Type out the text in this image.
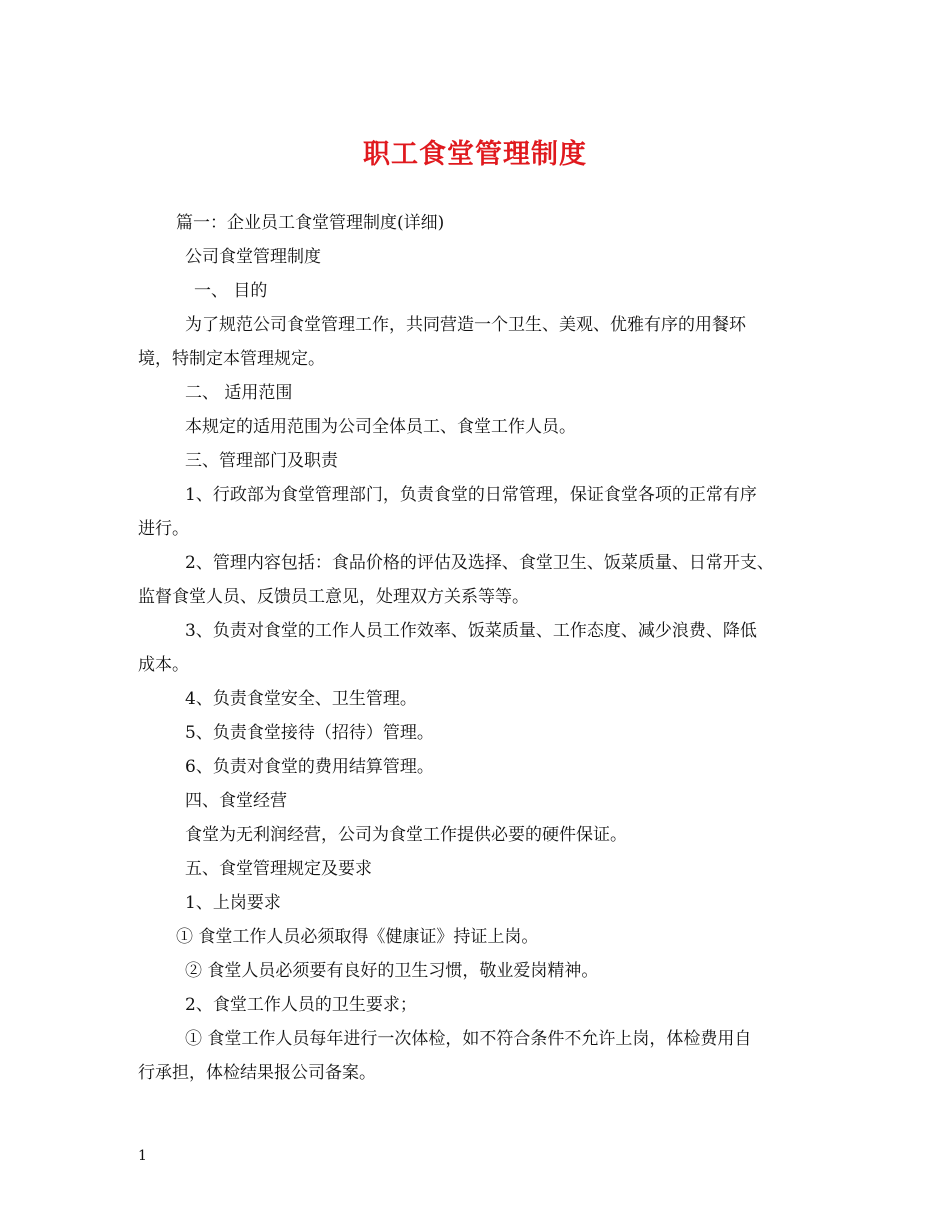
职工食堂管理制度
篇一：企业员工食堂管理制度(详细)
公司食堂管理制度
一、 目的
为了规范公司食堂管理工作，共同营造一个卫生、美观、优雅有序的用餐环
境，特制定本管理规定。
二、 适用范围
本规定的适用范围为公司全体员工、食堂工作人员。
三、管理部门及职责
1、行政部为食堂管理部门，负责食堂的日常管理，保证食堂各项的正常有序
进行。
2、管理内容包括：食品价格的评估及选择、食堂卫生、饭菜质量、日常开支、
监督食堂人员、反馈员工意见，处理双方关系等等。
3、负责对食堂的工作人员工作效率、饭菜质量、工作态度、减少浪费、降低
成本。
4、负责食堂安全、卫生管理。
5、负责食堂接待（招待）管理。
6、负责对食堂的费用结算管理。
四、食堂经营
食堂为无利润经营，公司为食堂工作提供必要的硬件保证。
五、食堂管理规定及要求
1、上岗要求
① 食堂工作人员必须取得《健康证》持证上岗。
② 食堂人员必须要有良好的卫生习惯，敬业爱岗精神。
2、食堂工作人员的卫生要求；
① 食堂工作人员每年进行一次体检，如不符合条件不允许上岗，体检费用自
行承担，体检结果报公司备案。
1
